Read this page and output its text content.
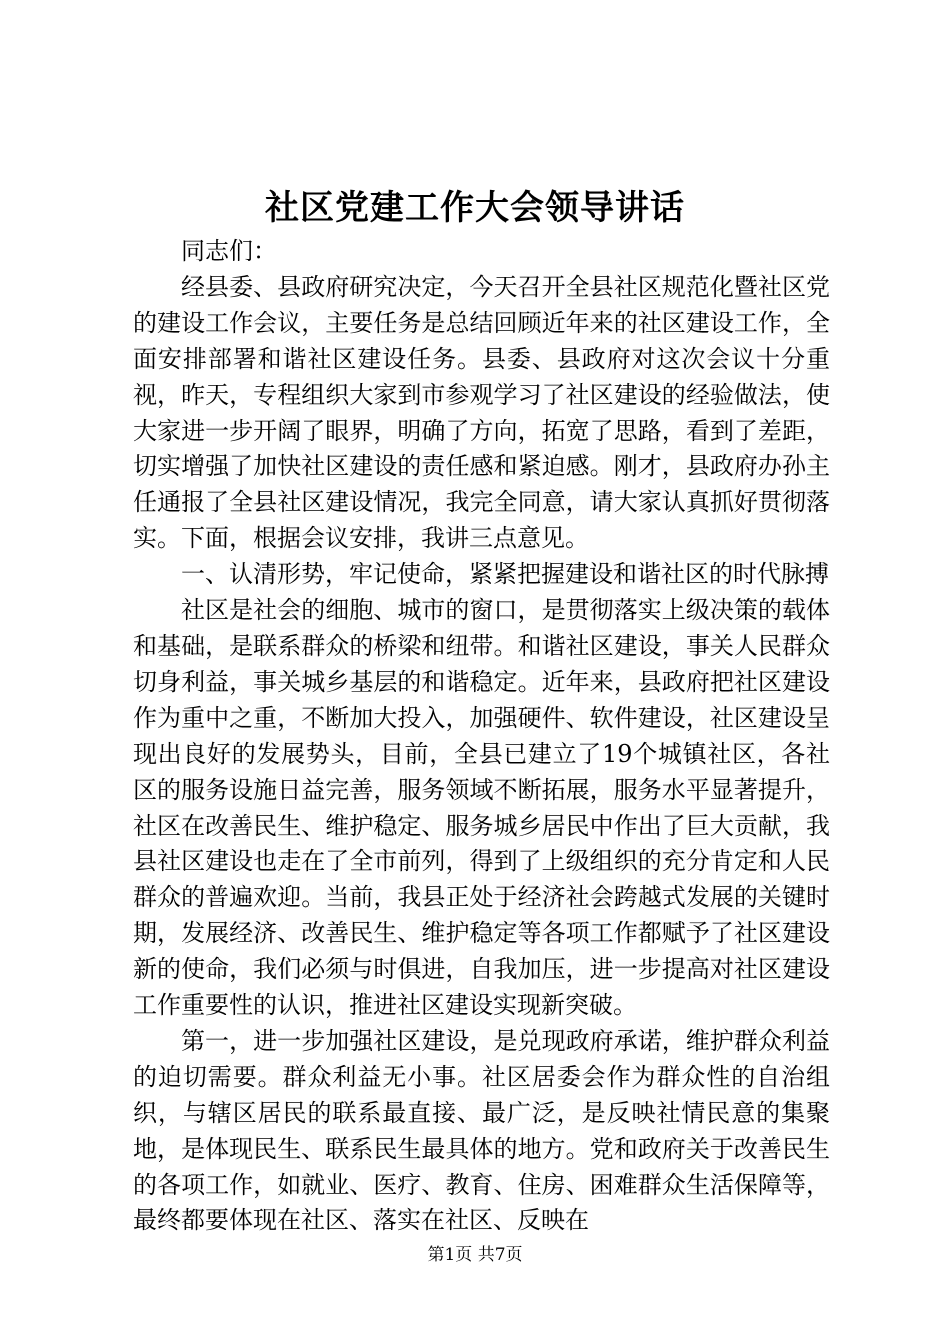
社区党建工作大会领导讲话

同志们：

经县委、县政府研究决定，今天召开全县社区规范化暨社区党的建设工作会议，主要任务是总结回顾近年来的社区建设工作，全面安排部署和谐社区建设任务。县委、县政府对这次会议十分重视，昨天，专程组织大家到市参观学习了社区建设的经验做法，使大家进一步开阔了眼界，明确了方向，拓宽了思路，看到了差距，切实增强了加快社区建设的责任感和紧迫感。刚才，县政府办孙主任通报了全县社区建设情况，我完全同意，请大家认真抓好贯彻落实。下面，根据会议安排，我讲三点意见。

一、认清形势，牢记使命，紧紧把握建设和谐社区的时代脉搏

社区是社会的细胞、城市的窗口，是贯彻落实上级决策的载体和基础，是联系群众的桥梁和纽带。和谐社区建设，事关人民群众切身利益，事关城乡基层的和谐稳定。近年来，县政府把社区建设作为重中之重，不断加大投入，加强硬件、软件建设，社区建设呈现出良好的发展势头，目前，全县已建立了19个城镇社区，各社区的服务设施日益完善，服务领域不断拓展，服务水平显著提升，社区在改善民生、维护稳定、服务城乡居民中作出了巨大贡献，我县社区建设也走在了全市前列，得到了上级组织的充分肯定和人民群众的普遍欢迎。当前，我县正处于经济社会跨越式发展的关键时期，发展经济、改善民生、维护稳定等各项工作都赋予了社区建设新的使命，我们必须与时俱进，自我加压，进一步提高对社区建设工作重要性的认识，推进社区建设实现新突破。

第一，进一步加强社区建设，是兑现政府承诺，维护群众利益的迫切需要。群众利益无小事。社区居委会作为群众性的自治组织，与辖区居民的联系最直接、最广泛，是反映社情民意的集聚地，是体现民生、联系民生最具体的地方。党和政府关于改善民生的各项工作，如就业、医疗、教育、住房、困难群众生活保障等，最终都要体现在社区、落实在社区、反映在

第1页 共7页
